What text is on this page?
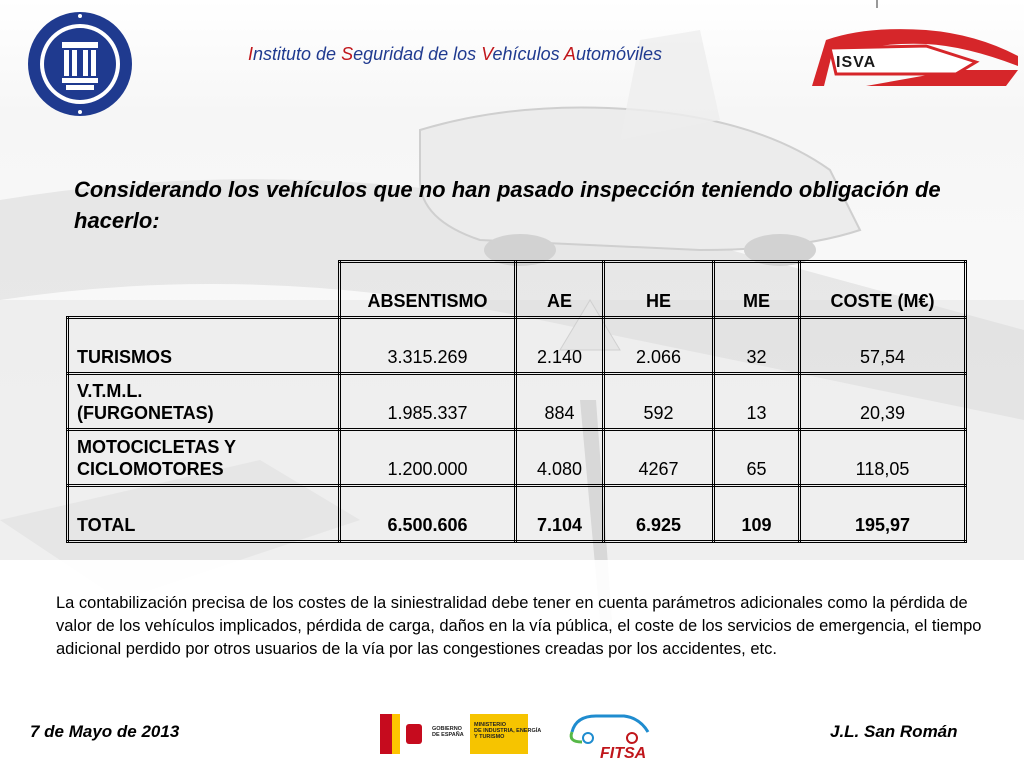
Instituto de Seguridad de los Vehículos Automóviles	ISVA
Considerando los vehículos que no han pasado inspección teniendo obligación de hacerlo:
	ABSENTISMO	AE	HE	ME	COSTE (M€)
TURISMOS	3.315.269	2.140	2.066	32	57,54
V.T.M.L.
(FURGONETAS)	1.985.337	884	592	13	20,39
MOTOCICLETAS Y
CICLOMOTORES	1.200.000	4.080	4267	65	118,05
TOTAL	6.500.606	7.104	6.925	109	195,97
La contabilización precisa de los costes de la siniestralidad debe tener en cuenta parámetros adicionales como la pérdida de valor de los vehículos implicados, pérdida de carga, daños en la vía pública, el coste de los servicios de emergencia, el tiempo adicional perdido por otros usuarios de la vía por las congestiones creadas por los accidentes, etc.
7 de Mayo de 2013	GOBIERNO
DE ESPAÑA
MINISTERIO
DE INDUSTRIA, ENERGÍA
Y TURISMO
FITSA
J.L. San Román
